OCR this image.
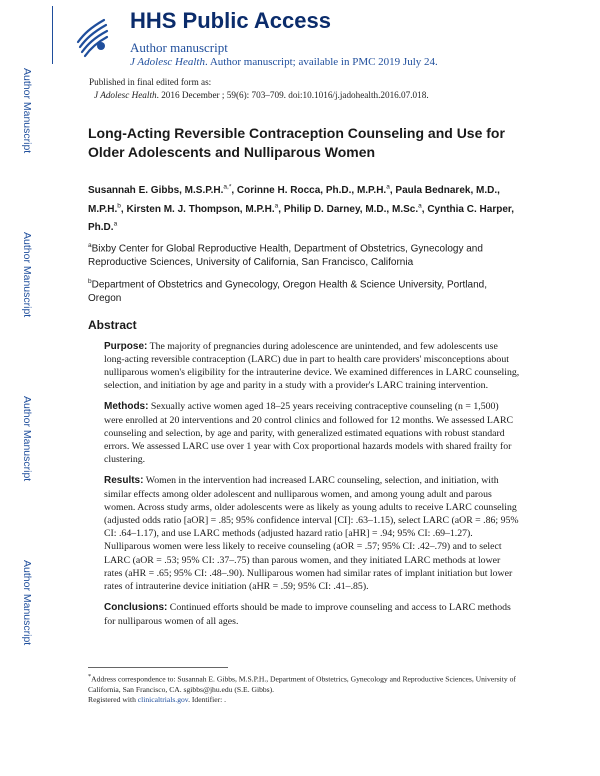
Author Manuscript
Author Manuscript
Author Manuscript
Author Manuscript
HHS Public Access
Author manuscript
J Adolesc Health. Author manuscript; available in PMC 2019 July 24.
Published in final edited form as:
J Adolesc Health. 2016 December ; 59(6): 703–709. doi:10.1016/j.jadohealth.2016.07.018.
Long-Acting Reversible Contraception Counseling and Use for Older Adolescents and Nulliparous Women
Susannah E. Gibbs, M.S.P.H.$^{a,*}$, Corinne H. Rocca, Ph.D., M.P.H.$^a$, Paula Bednarek, M.D., M.P.H.$^b$, Kirsten M. J. Thompson, M.P.H.$^a$, Philip D. Darney, M.D., M.Sc.$^a$, Cynthia C. Harper, Ph.D.$^a$
$^a$Bixby Center for Global Reproductive Health, Department of Obstetrics, Gynecology and Reproductive Sciences, University of California, San Francisco, California
$^b$Department of Obstetrics and Gynecology, Oregon Health & Science University, Portland, Oregon
Abstract
Purpose: The majority of pregnancies during adolescence are unintended, and few adolescents use long-acting reversible contraception (LARC) due in part to health care providers' misconceptions about nulliparous women's eligibility for the intrauterine device. We examined differences in LARC counseling, selection, and initiation by age and parity in a study with a provider's LARC training intervention.
Methods: Sexually active women aged 18–25 years receiving contraceptive counseling (n = 1,500) were enrolled at 20 interventions and 20 control clinics and followed for 12 months. We assessed LARC counseling and selection, by age and parity, with generalized estimated equations with robust standard errors. We assessed LARC use over 1 year with Cox proportional hazards models with shared frailty for clustering.
Results: Women in the intervention had increased LARC counseling, selection, and initiation, with similar effects among older adolescent and nulliparous women, and among young adult and parous women. Across study arms, older adolescents were as likely as young adults to receive LARC counseling (adjusted odds ratio [aOR] = .85; 95% confidence interval [CI]: .63–1.15), select LARC (aOR = .86; 95% CI: .64–1.17), and use LARC methods (adjusted hazard ratio [aHR] = .94; 95% CI: .69–1.27). Nulliparous women were less likely to receive counseling (aOR = .57; 95% CI: .42–.79) and to select LARC (aOR = .53; 95% CI: .37–.75) than parous women, and they initiated LARC methods at lower rates (aHR = .65; 95% CI: .48–.90). Nulliparous women had similar rates of implant initiation but lower rates of intrauterine device initiation (aHR = .59; 95% CI: .41–.85).
Conclusions: Continued efforts should be made to improve counseling and access to LARC methods for nulliparous women of all ages.
*Address correspondence to: Susannah E. Gibbs, M.S.P.H., Department of Obstetrics, Gynecology and Reproductive Sciences, University of California, San Francisco, CA. sgibbs@jhu.edu (S.E. Gibbs).
Registered with clinicaltrials.gov. Identifier: .
